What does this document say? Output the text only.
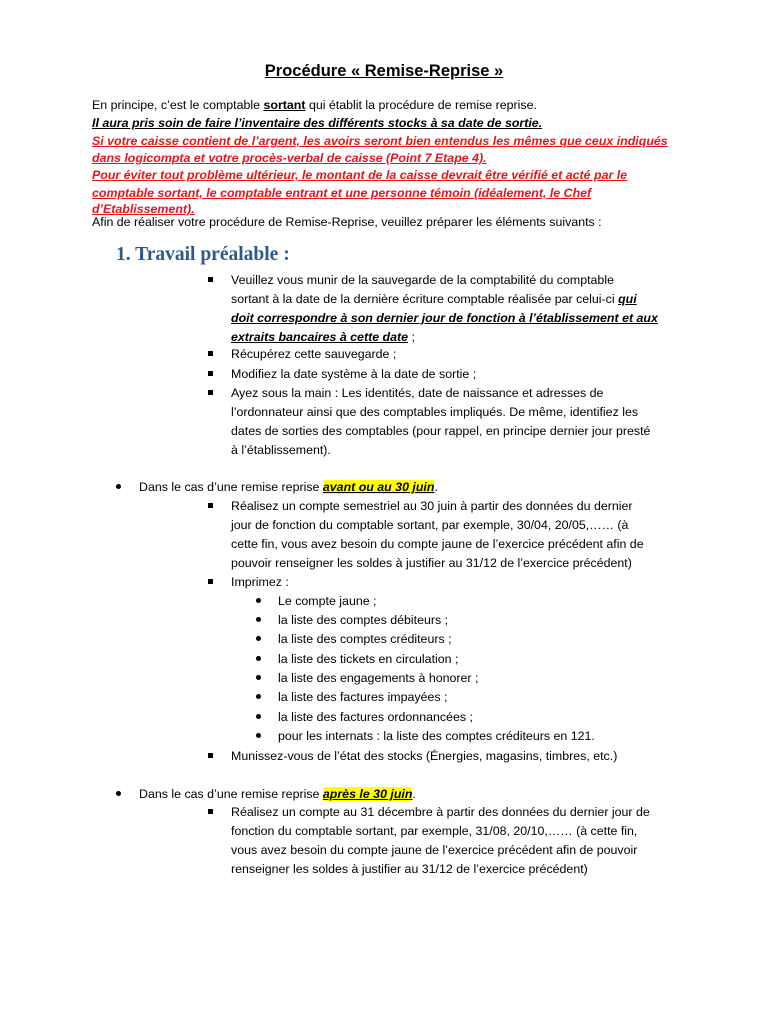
Procédure « Remise-Reprise »
En principe, c’est le comptable sortant qui établit la procédure de remise reprise.
Il aura pris soin de faire l’inventaire des différents stocks à sa date de sortie.
Si votre caisse contient de l’argent, les avoirs seront bien entendus les mêmes que ceux indiqués
dans logicompta et votre procès-verbal de caisse (Point 7 Etape 4).
Pour éviter tout problème ultérieur, le montant de la caisse devrait être vérifié et acté par le
comptable sortant, le comptable entrant et une personne témoin (idéalement, le Chef
d’Etablissement).
Afin de réaliser votre procédure de Remise-Reprise, veuillez préparer les éléments suivants :
1. Travail préalable :
Veuillez vous munir de la sauvegarde de la comptabilité du comptable
sortant à la date de la dernière écriture comptable réalisée par celui-ci qui
doit correspondre à son dernier jour de fonction à l’établissement et aux
extraits bancaires à cette date ;
Récupérez cette sauvegarde ;
Modifiez la date système à la date de sortie ;
Ayez sous la main : Les identités, date de naissance et adresses de
l’ordonnateur ainsi que des comptables impliqués. De même, identifiez les
dates de sorties des comptables (pour rappel, en principe dernier jour presté
à l’établissement).
Dans le cas d’une remise reprise avant ou au 30 juin.
Réalisez un compte semestriel au 30 juin à partir des données du dernier
jour de fonction du comptable sortant, par exemple, 30/04, 20/05,…… (à
cette fin, vous avez besoin du compte jaune de l’exercice précédent afin de
pouvoir renseigner les soldes à justifier au 31/12 de l’exercice précédent)
Imprimez :
Le compte jaune ;
la liste des comptes débiteurs ;
la liste des comptes créditeurs ;
la liste des tickets en circulation ;
la liste des engagements à honorer ;
la liste des factures impayées ;
la liste des factures ordonnancées ;
pour les internats : la liste des comptes créditeurs en 121.
Munissez-vous de l’état des stocks (Énergies, magasins, timbres, etc.)
Dans le cas d’une remise reprise après le 30 juin.
Réalisez un compte au 31 décembre à partir des données du dernier jour de
fonction du comptable sortant, par exemple, 31/08, 20/10,…… (à cette fin,
vous avez besoin du compte jaune de l’exercice précédent afin de pouvoir
renseigner les soldes à justifier au 31/12 de l’exercice précédent)
